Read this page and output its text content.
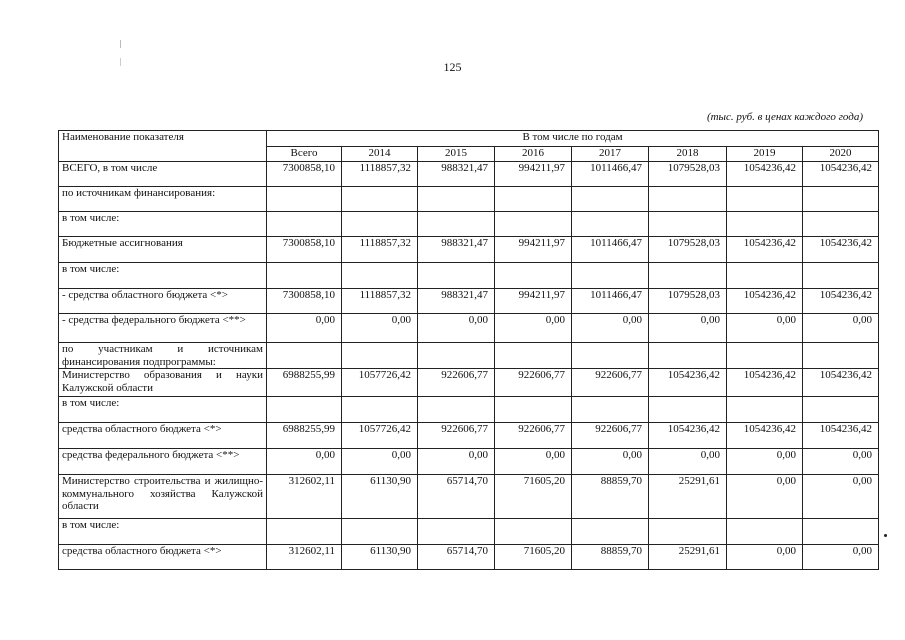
125
(тыс. руб. в ценах каждого года)
Наименование показателя	В том числе по годам							
	Всего	2014	2015	2016	2017	2018	2019	2020
ВСЕГО, в том числе	7300858,10	1118857,32	988321,47	994211,97	1011466,47	1079528,03	1054236,42	1054236,42
по источникам финансирования:								
в том числе:								
Бюджетные ассигнования	7300858,10	1118857,32	988321,47	994211,97	1011466,47	1079528,03	1054236,42	1054236,42
в том числе:								
- средства областного бюджета <*>	7300858,10	1118857,32	988321,47	994211,97	1011466,47	1079528,03	1054236,42	1054236,42
- средства федерального бюджета <**>	0,00	0,00	0,00	0,00	0,00	0,00	0,00	0,00
по участникам и источникам финансирования подпрограммы:								
Министерство образования и науки Калужской области	6988255,99	1057726,42	922606,77	922606,77	922606,77	1054236,42	1054236,42	1054236,42
в том числе:								
средства областного бюджета <*>	6988255,99	1057726,42	922606,77	922606,77	922606,77	1054236,42	1054236,42	1054236,42
средства федерального бюджета <**>	0,00	0,00	0,00	0,00	0,00	0,00	0,00	0,00
Министерство строительства и жилищно-коммунального хозяйства Калужской области	312602,11	61130,90	65714,70	71605,20	88859,70	25291,61	0,00	0,00
в том числе:								
средства областного бюджета <*>	312602,11	61130,90	65714,70	71605,20	88859,70	25291,61	0,00	0,00
